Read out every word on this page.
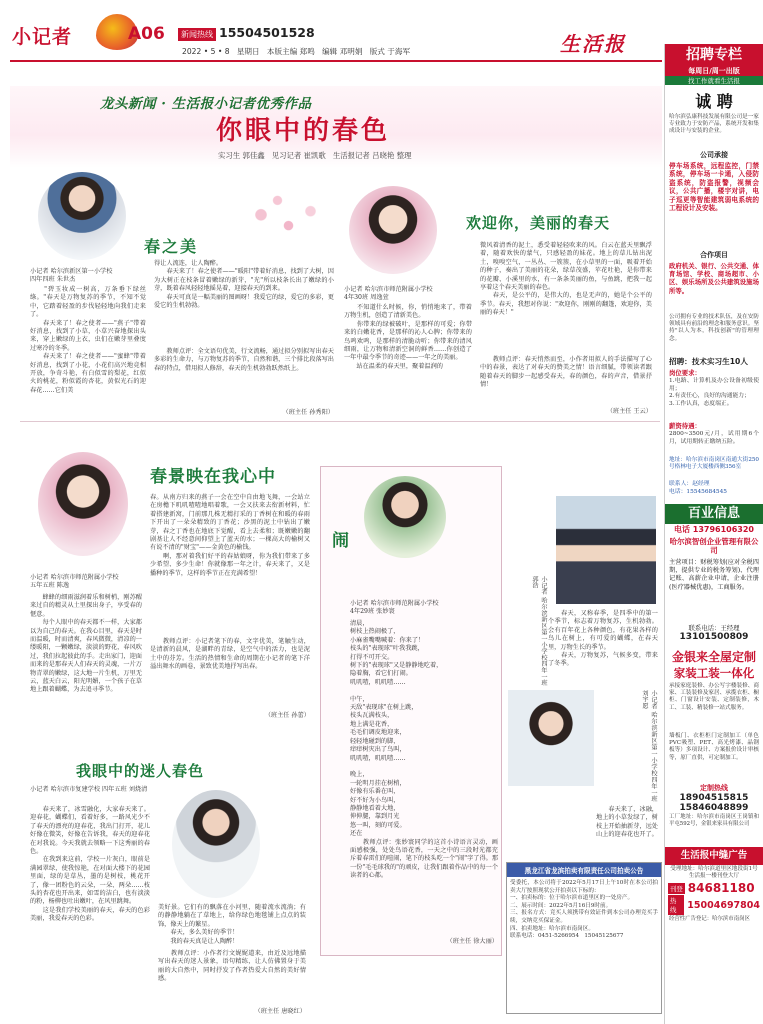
小记者	A06	新闻热线 15504501528
2022 • 5 • 8   星期日   本版主编 郑鸣   编辑 邓明娟   版式 于海军	生活报
龙头新闻 · 生活报小记者优秀作品
你眼中的春色
实习生 郭佳鑫   见习记者 崔凯歌   生活报记者 吕晓艳 整理
春之美
小记者 哈尔滨新区第一小学校
四年四班 朱世杰
　　"碧玉妆成一树高，万条垂下绿丝绦。"春天是万物复苏的季节，不知不觉中，它踏着轻盈的步伐轻轻地向我们走来了。
　　春天来了！春之使者——"燕子"带着好消息，找到了小草，小草兴奋地探出头来，穿上嫩绿的上衣，虫们在嫩芽里叠度过寒冷的冬季。
　　春天来了！春之使者——"蜜蜂"带着好消息，找到了小花，小花们高兴地竞相开放，争奇斗艳，有白似雪的梨花，红似火的桃花，粉似霞的杏花，黄似光石的迎春花……它们美
得让人流连，让人陶醉。
　　春天来了！春之使者——"暖阳"带着好消息，找到了大树，因为大树正在枝条冒着嫩绿的新芽，"光"所以枝条长出了嫩绿的小芽，既着春风轻轻地摇晃着，迎接春天的到来。
　　春天可真是一幅美丽的图画呀！我爱它的绿，爱它的多彩，更爱它的生机勃勃。
　　教师点评：全文语句优美，行文流畅，通过拟分别拟写出春天多彩的生命力，与万物复苏的季节，自然和谐，三个排比段落写出春的特点，借用拟人修辞，春天的生机勃勃跃然纸上。
（班主任 孙秀阳）
欢迎你，美丽的春天
小记者 哈尔滨市师范附属小学校
4年30班 周逸萱
　　不知道什么时候，你，悄悄地来了，带着万物生机，创造了清新美色。
　　你带来的绿被破叶，是那样的可爱；你带来的白嫩花香，是那样的沁人心脾；你带来的鸟鸣欢鸣，是那样的清脆动听；你带来的清风细雨，让万物和清新空洞的鲜香……你创造了一年中最令季节的奇迹——一年之的美丽。
　　站在温柔的春天里，聚着温润的
微风着清香的泥土，悉受着轻轻吹来的风。白云在蓝天里飘浮着，随着欢快的蒙气，只感轻盈的妹花。地上的草儿钻出泥土，嗅嗅空气，一丛丛、一簇簇，在小草里的一面，吸着开始的种子，奏出了美丽的花朵，绿草茂盛，苹花吐艳，是你带来的花瓣、小溪里的水，有一条条美丽的鱼，与鱼跳，把我一起享着这个春天美丽的春色。
　　春天，是公平的，是伟大的，也是无声的，她是个公平的季节。春天，我想对你说："欢迎你，刚刚的翻篷，欢迎你，美丽的春天！"
　　教师点评：春天悄然而至，小作者用拟人的手法描写了心中的春景，表达了对春天的赞美之情！语言细腻，带领读者跟随着春天的脚步一起感受春天，春的颜色，春的声音，借景抒情！
（班主任 王云）
春景映在我心中
小记者 哈尔滨市师范附属小学校
五年五班 陈逸
　　蜂蜂的细雨滋润着乐和树梢，刚苏醒来过自的精灵从土里探出身子，享受春的惬意。
　　每个人眼中的春天都不一样，大家都以为自己的春天。在我心目里，春天是时而温暖，时而清爽，春风微微，清凉的一缕暖阳，一颗嫩绿，淡淡的野花，春风吹过，我们拉起彼此的手。走出家门，迎面而来的是那春天人们春天的灵魂，一片万物青翠的嫩绿，这大地一片生机，万里无云，蓝天白云，阳光明媚，一个孩子在草地上跟着蝴蝶，为去追寻季节。
春。从南方归来的燕子一会在空中自由地飞舞，一会站立在房檐下叽叽喳喳地唱着歌，一会又扶来去衔新材料，忙着搭建新窝，门前那几株无精打采的丁香树在和暖的春雨下开出了一朵朵精致的丁香花；沙黑的泥土中钻出了嫩芽，春之丁香也在地底下觉醒，看上去柔和；既嫩嫩的翻剧基让人不经意间仰望上了蓝天的水；一棵高大的榆树又有说不清的"财宝"——金黄色的榆钱。
　　啊，那对着我们好平的春姑娘呀，你为我们带来了多少希望、多少生命！你就像那一年之计，春天来了，又是播种的季节，这样的季节正在充满希望！
　　教师点评：小记者笔下的春，文字优美，笔触生动，是清新的晨风，是湖畔的青绿，是空气中的活力，也是泥土中的芬芳。生活的热情和生命的周期在小记者的笔下洋溢出舞水的画卷，景致优美地抒写出春。
（班主任 孙蕾）
闹
小记者 哈尔滨市师范附属小学校
4年29班 张妙寰
清晨，
树枝上热闹极了，
小麻雀嘴嘴喊着：你来了！
枝头的"表现球"叶我我跳，
打得不可开交。
树下的"表现球"又是静静地吃着，
隐着胸，看它们打闹。
叽叽喳，叽叽喳……

中午，
天敌"表现球"在树上跳，
枝头瓦满枝头，
地上满是花香，
毛毛们调皮地迎来，
轻轻地碰到的脚，
痒痒树灾出了鸟叫，
叽叽喳，叽叽喳……

晚上，
一轮明月挂在树梢，
好像有乐番在叫，
好不好为小鸟叫，
静静地看着大地，
伸伸腿，靠到月光
悠一叫，刻的可爱。
还在
　　教师点评：张妙寰同学的这首小诗语言灵动，画面感极强，处处鸟语花香，一天之中的三段时光都充斥着春雷们的喧闹，笔下的枝头吃一个"闹"字了得。那一份"毛毛球我的"的顽皮，让我们跟着作品中的每一个读者的心都。
（班主任 徐大丽）
小记者 哈尔滨新区第一小学校四年一班 郭浩
　　春天，又称春季，是四季中的第一个季节，标志着万物复苏，生机勃勃。会有百年花上各种颜色，有花果各样的鸟儿在树上，有可爱的蝴蝶，在春天里，万物生长的季节。
　　春天，万物复苏，气候多变，带来了冬季。
小记者 哈尔滨新区第一小学校四年一班 刘宇愿
　　春天来了，冰融，地上的小草发绿了，树枝上开始抽新芽，远处山上的迎春花也开了。
我眼中的迷人春色
小记者 哈尔滨市复建学校 四年五班 刘烧清
　　春天来了，冰雪融化，大家春天来了。迎春花，蝴蝶们，看着好多，一路风光少不了春天的漂亮的迎春花，我出门打开，花儿好像在微笑，好像在告诉我，春天的迎春花在对我说。今天我就去领略一下这秀丽的春色。
　　在我到来这前，学校一片灰白，眼前是满园翠绿，使我惊艳，在对面大楼下的花园里面，绿的是草丛，墨的是树枝，桃花开了，像一团粉色的云朵，一朵、两朵……枝头的杏花也开出来，如雪的洁白，也有淡淡的粉，杨柳也吐出嫩叶，在风里跳舞。
　　这是我们学校美丽的春天，春天的色彩美丽，我爱春天的色彩。
美好景。它们有的飘落在小河里，随着流水流淌；有的静静地躺在了草地上，给你绿色地毯铺上点点的装饰，像天上的繁星。
　　春天，多么美好的季节！
　　我的春天真是让人陶醉！
　　教师点评：小作者行文娓娓道来，由近及远地描写出春天的迷人景象，语句精练，让人仿佛置身于美丽的大自然中，同时抒发了作者热爱大自然的美好情感。
（班主任 唐晓红）
黑龙江省龙滨拍卖有限责任公司拍卖公告
受委托，本公司将于2022年5月17日上午10时在本公司拍卖大厅按照现状公开拍卖以下标的：
一、拍卖标的：位于哈尔滨市道里区的一处房产。
二、展示时间：2022年5月16日9时前。
三、报名方式：竞买人须携带有效证件到本公司办理竞买手续，交纳竞买保证金。
四、拍卖地址：哈尔滨市南岗区。
联系电话：0451-5266954   15045125677
招聘专栏
每周日/周一出版
找工作就看生活报
诚 聘
哈尔滨弘康科技发展有限公司是一家专业致力于安防产品，系统开发和集成设计与安装的企业。
公司承接
停车场系统，远程监控，门禁系统，停车场一卡通，入侵防盗系统，防盗报警，视频会议，公共广播，楼宇对讲，电子巡更等智能建筑弱电系统的工程设计及安装。
合作项目
政府机关、银行、公共交通、体育场馆、学校、商场超市、小区、娱乐场所及公共建筑设施场所等。
公司拥有专业的技术队伍，及在安防领域具有前沿的理念和服务意识。坚持"以人为本，科技创新"的管理理念。
招聘：技术实习生10人
岗位要求：
1.电路、计算机及办公设备初级使用；
2.有责任心，良好的沟通能力；
3.工作认真，态度端正。
薪资待遇：
2800~3500元/月，试用期6个月，试用期转正缴纳五险。
地址：哈尔滨市南岗区南通大街250号格林电子大厦楼西侧356室
联系人：赵经理
电话：15545684545
百业信息
电话 13796106320
哈尔滨智创企业管理有限公司
主营项目：财税筹划(应对全税四期，提供专业的税务筹划)、代理记账、高薪企业申请，企业注册(医疗器械优惠)，工商服务。
联系电话：王经理
13101500809
金银来全屋定制
家装工装一体化
承接家庭装修、办公写字楼装修、商家、工装装修及家居、承揽衣柜、橱柜、门窗设计安装、定制装修，木工、工装、精装修一站式服务。
墙板门、衣柜柜门定制加工（单色PVC吸塑、PET、高光烤漆、晶钢板等）多项设计、方案报价设计审核等，原厂直供，可定制加工。
定制热线
18904515815
15846048899
工厂地址：哈尔滨市南岗区王岗镇和平屯592号，金银来家具有限公司
生活报中缝广告
受理地址：哈尔滨道里区地段街1号生活报一楼刊登大厅
刊登 84681180
热线	15004697804
经营性广告登记：哈尔滨市南岗区
